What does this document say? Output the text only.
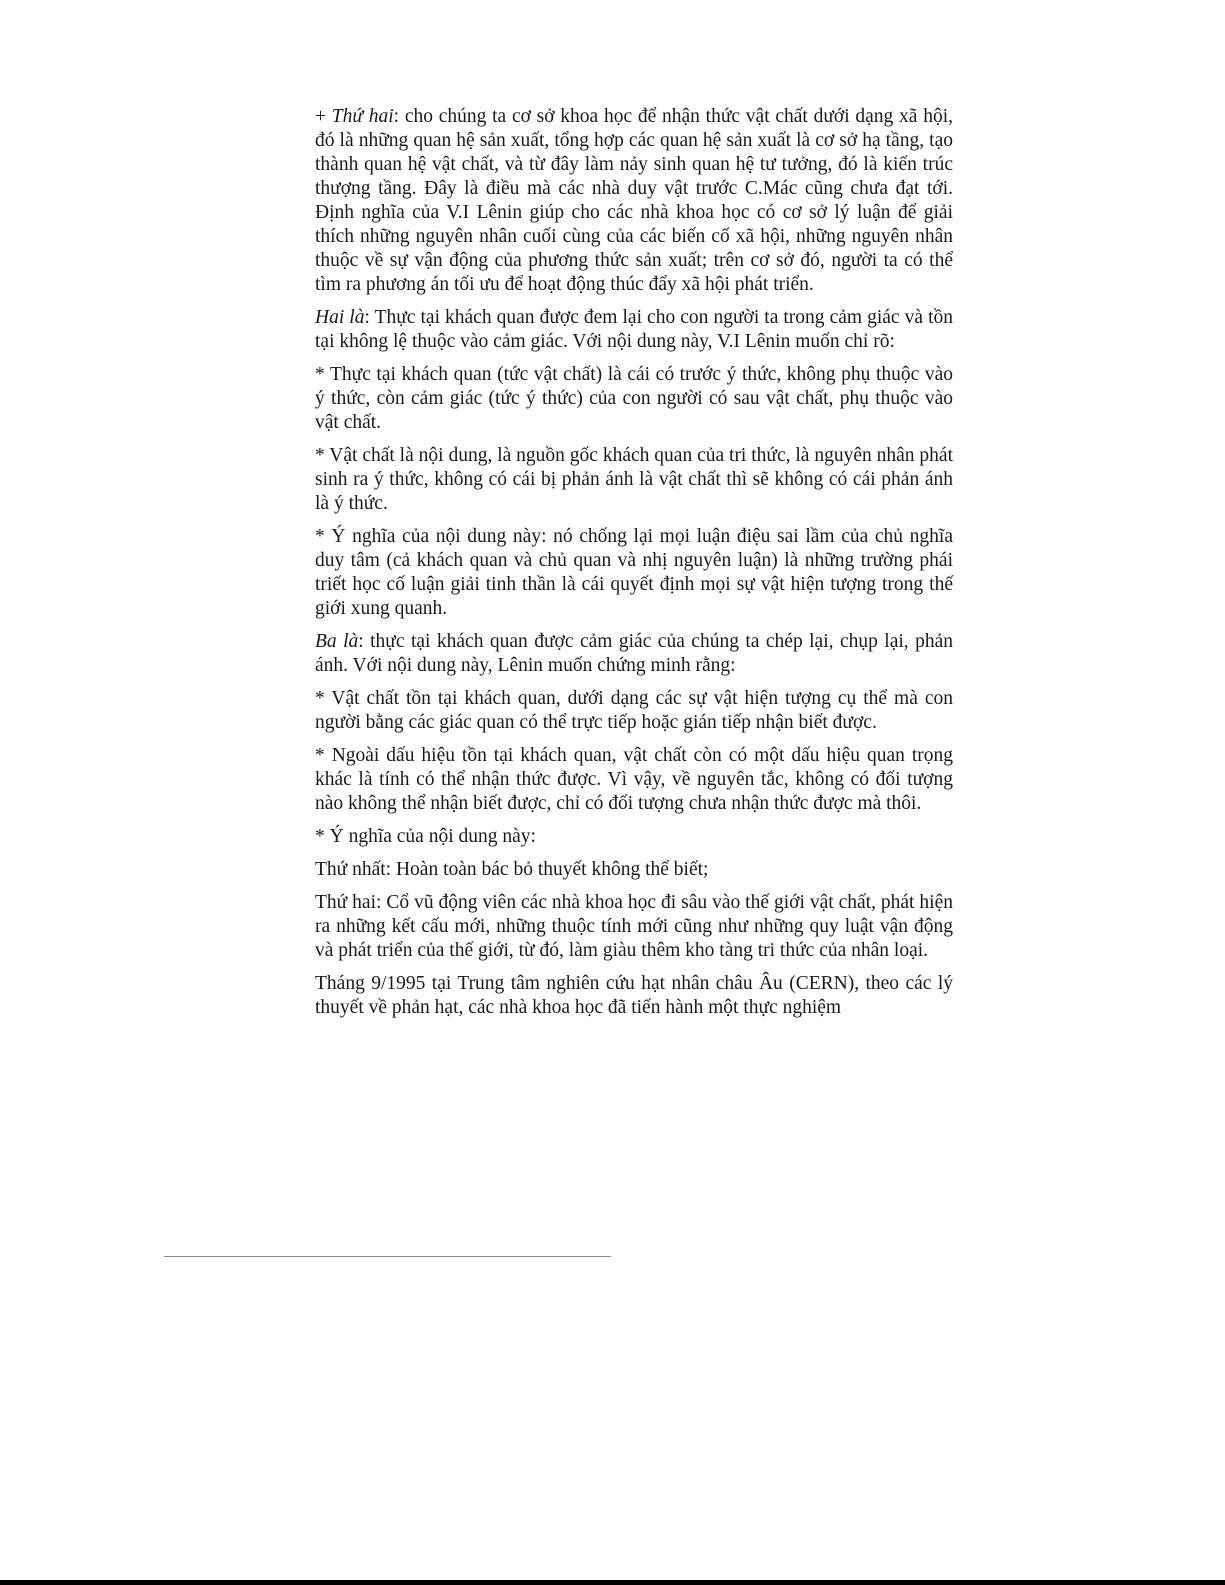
+ Thứ hai: cho chúng ta cơ sở khoa học để nhận thức vật chất dưới dạng xã hội, đó là những quan hệ sản xuất, tổng hợp các quan hệ sản xuất là cơ sở hạ tầng, tạo thành quan hệ vật chất, và từ đây làm nảy sinh quan hệ tư tưởng, đó là kiến trúc thượng tầng. Đây là điều mà các nhà duy vật trước C.Mác cũng chưa đạt tới. Định nghĩa của V.I Lênin giúp cho các nhà khoa học có cơ sở lý luận để giải thích những nguyên nhân cuối cùng của các biến cố xã hội, những nguyên nhân thuộc về sự vận động của phương thức sản xuất; trên cơ sở đó, người ta có thể tìm ra phương án tối ưu để hoạt động thúc đẩy xã hội phát triển.

Hai là: Thực tại khách quan được đem lại cho con người ta trong cảm giác và tồn tại không lệ thuộc vào cảm giác. Với nội dung này, V.I Lênin muốn chỉ rõ:

* Thực tại khách quan (tức vật chất) là cái có trước ý thức, không phụ thuộc vào ý thức, còn cảm giác (tức ý thức) của con người có sau vật chất, phụ thuộc vào vật chất.

* Vật chất là nội dung, là nguồn gốc khách quan của tri thức, là nguyên nhân phát sinh ra ý thức, không có cái bị phản ánh là vật chất thì sẽ không có cái phản ánh là ý thức.

* Ý nghĩa của nội dung này: nó chống lại mọi luận điệu sai lầm của chủ nghĩa duy tâm (cả khách quan và chủ quan và nhị nguyên luận) là những trường phái triết học cố luận giải tinh thần là cái quyết định mọi sự vật hiện tượng trong thế giới xung quanh.

Ba là: thực tại khách quan được cảm giác của chúng ta chép lại, chụp lại, phản ánh. Với nội dung này, Lênin muốn chứng minh rằng:

* Vật chất tồn tại khách quan, dưới dạng các sự vật hiện tượng cụ thể mà con người bằng các giác quan có thể trực tiếp hoặc gián tiếp nhận biết được.

* Ngoài dấu hiệu tồn tại khách quan, vật chất còn có một dấu hiệu quan trọng khác là tính có thể nhận thức được. Vì vậy, về nguyên tắc, không có đối tượng nào không thể nhận biết được, chỉ có đối tượng chưa nhận thức được mà thôi.

* Ý nghĩa của nội dung này:

Thứ nhất: Hoàn toàn bác bỏ thuyết không thể biết;

Thứ hai: Cổ vũ động viên các nhà khoa học đi sâu vào thế giới vật chất, phát hiện ra những kết cấu mới, những thuộc tính mới cũng như những quy luật vận động và phát triển của thế giới, từ đó, làm giàu thêm kho tàng tri thức của nhân loại.

Tháng 9/1995 tại Trung tâm nghiên cứu hạt nhân châu Âu (CERN), theo các lý thuyết về phản hạt, các nhà khoa học đã tiến hành một thực nghiệm
